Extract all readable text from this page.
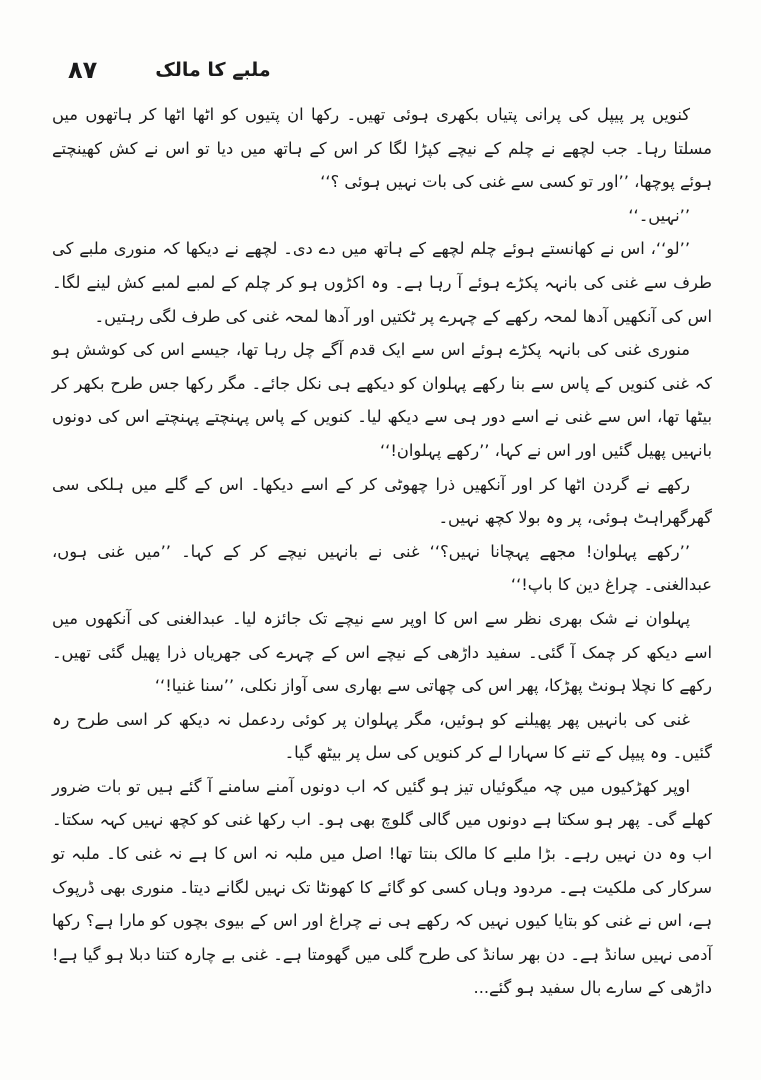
۸۷	ملبے کا مالک

کنویں پر پیپل کی پرانی پتیاں بکھری ہوئی تھیں۔ رکھا ان پتیوں کو اٹھا اٹھا کر ہاتھوں میں مسلتا رہا۔ جب لچھے نے چلم کے نیچے کپڑا لگا کر اس کے ہاتھ میں دیا تو اس نے کش کھینچتے ہوئے پوچھا، ’’اور تو کسی سے غنی کی بات نہیں ہوئی ؟‘‘

’’نہیں۔‘‘

’’لو‘‘، اس نے کھانستے ہوئے چلم لچھے کے ہاتھ میں دے دی۔ لچھے نے دیکھا کہ منوری ملبے کی طرف سے غنی کی بانہہ پکڑے ہوئے آ رہا ہے۔ وہ اکڑوں ہو کر چلم کے لمبے لمبے کش لینے لگا۔ اس کی آنکھیں آدھا لمحہ رکھے کے چہرے پر ٹکتیں اور آدھا لمحہ غنی کی طرف لگی رہتیں۔

منوری غنی کی بانہہ پکڑے ہوئے اس سے ایک قدم آگے چل رہا تھا، جیسے اس کی کوشش ہو کہ غنی کنویں کے پاس سے بنا رکھے پہلوان کو دیکھے ہی نکل جائے۔ مگر رکھا جس طرح بکھر کر بیٹھا تھا، اس سے غنی نے اسے دور ہی سے دیکھ لیا۔ کنویں کے پاس پہنچتے پہنچتے اس کی دونوں بانہیں پھیل گئیں اور اس نے کہا، ’’رکھے پہلوان!‘‘

رکھے نے گردن اٹھا کر اور آنکھیں ذرا چھوٹی کر کے اسے دیکھا۔ اس کے گلے میں ہلکی سی گھرگھراہٹ ہوئی، پر وہ بولا کچھ نہیں۔

’’رکھے پہلوان! مجھے پہچانا نہیں؟‘‘ غنی نے بانہیں نیچے کر کے کہا۔ ’’میں غنی ہوں، عبدالغنی۔ چراغ دین کا باپ!‘‘

پہلوان نے شک بھری نظر سے اس کا اوپر سے نیچے تک جائزہ لیا۔ عبدالغنی کی آنکھوں میں اسے دیکھ کر چمک آ گئی۔ سفید داڑھی کے نیچے اس کے چہرے کی جھریاں ذرا پھیل گئی تھیں۔ رکھے کا نچلا ہونٹ پھڑکا، پھر اس کی چھاتی سے بھاری سی آواز نکلی، ’’سنا غنیا!‘‘

غنی کی بانہیں پھر پھیلنے کو ہوئیں، مگر پہلوان پر کوئی ردعمل نہ دیکھ کر اسی طرح رہ گئیں۔ وہ پیپل کے تنے کا سہارا لے کر کنویں کی سل پر بیٹھ گیا۔

اوپر کھڑکیوں میں چہ میگوئیاں تیز ہو گئیں کہ اب دونوں آمنے سامنے آ گئے ہیں تو بات ضرور کھلے گی۔ پھر ہو سکتا ہے دونوں میں گالی گلوچ بھی ہو۔ اب رکھا غنی کو کچھ نہیں کہہ سکتا۔ اب وہ دن نہیں رہے۔ بڑا ملبے کا مالک بنتا تھا! اصل میں ملبہ نہ اس کا ہے نہ غنی کا۔ ملبہ تو سرکار کی ملکیت ہے۔ مردود وہاں کسی کو گائے کا کھونٹا تک نہیں لگانے دیتا۔ منوری بھی ڈرپوک ہے، اس نے غنی کو بتایا کیوں نہیں کہ رکھے ہی نے چراغ اور اس کے بیوی بچوں کو مارا ہے؟ رکھا آدمی نہیں سانڈ ہے۔ دن بھر سانڈ کی طرح گلی میں گھومتا ہے۔ غنی بے چارہ کتنا دبلا ہو گیا ہے! داڑھی کے سارے بال سفید ہو گئے...
